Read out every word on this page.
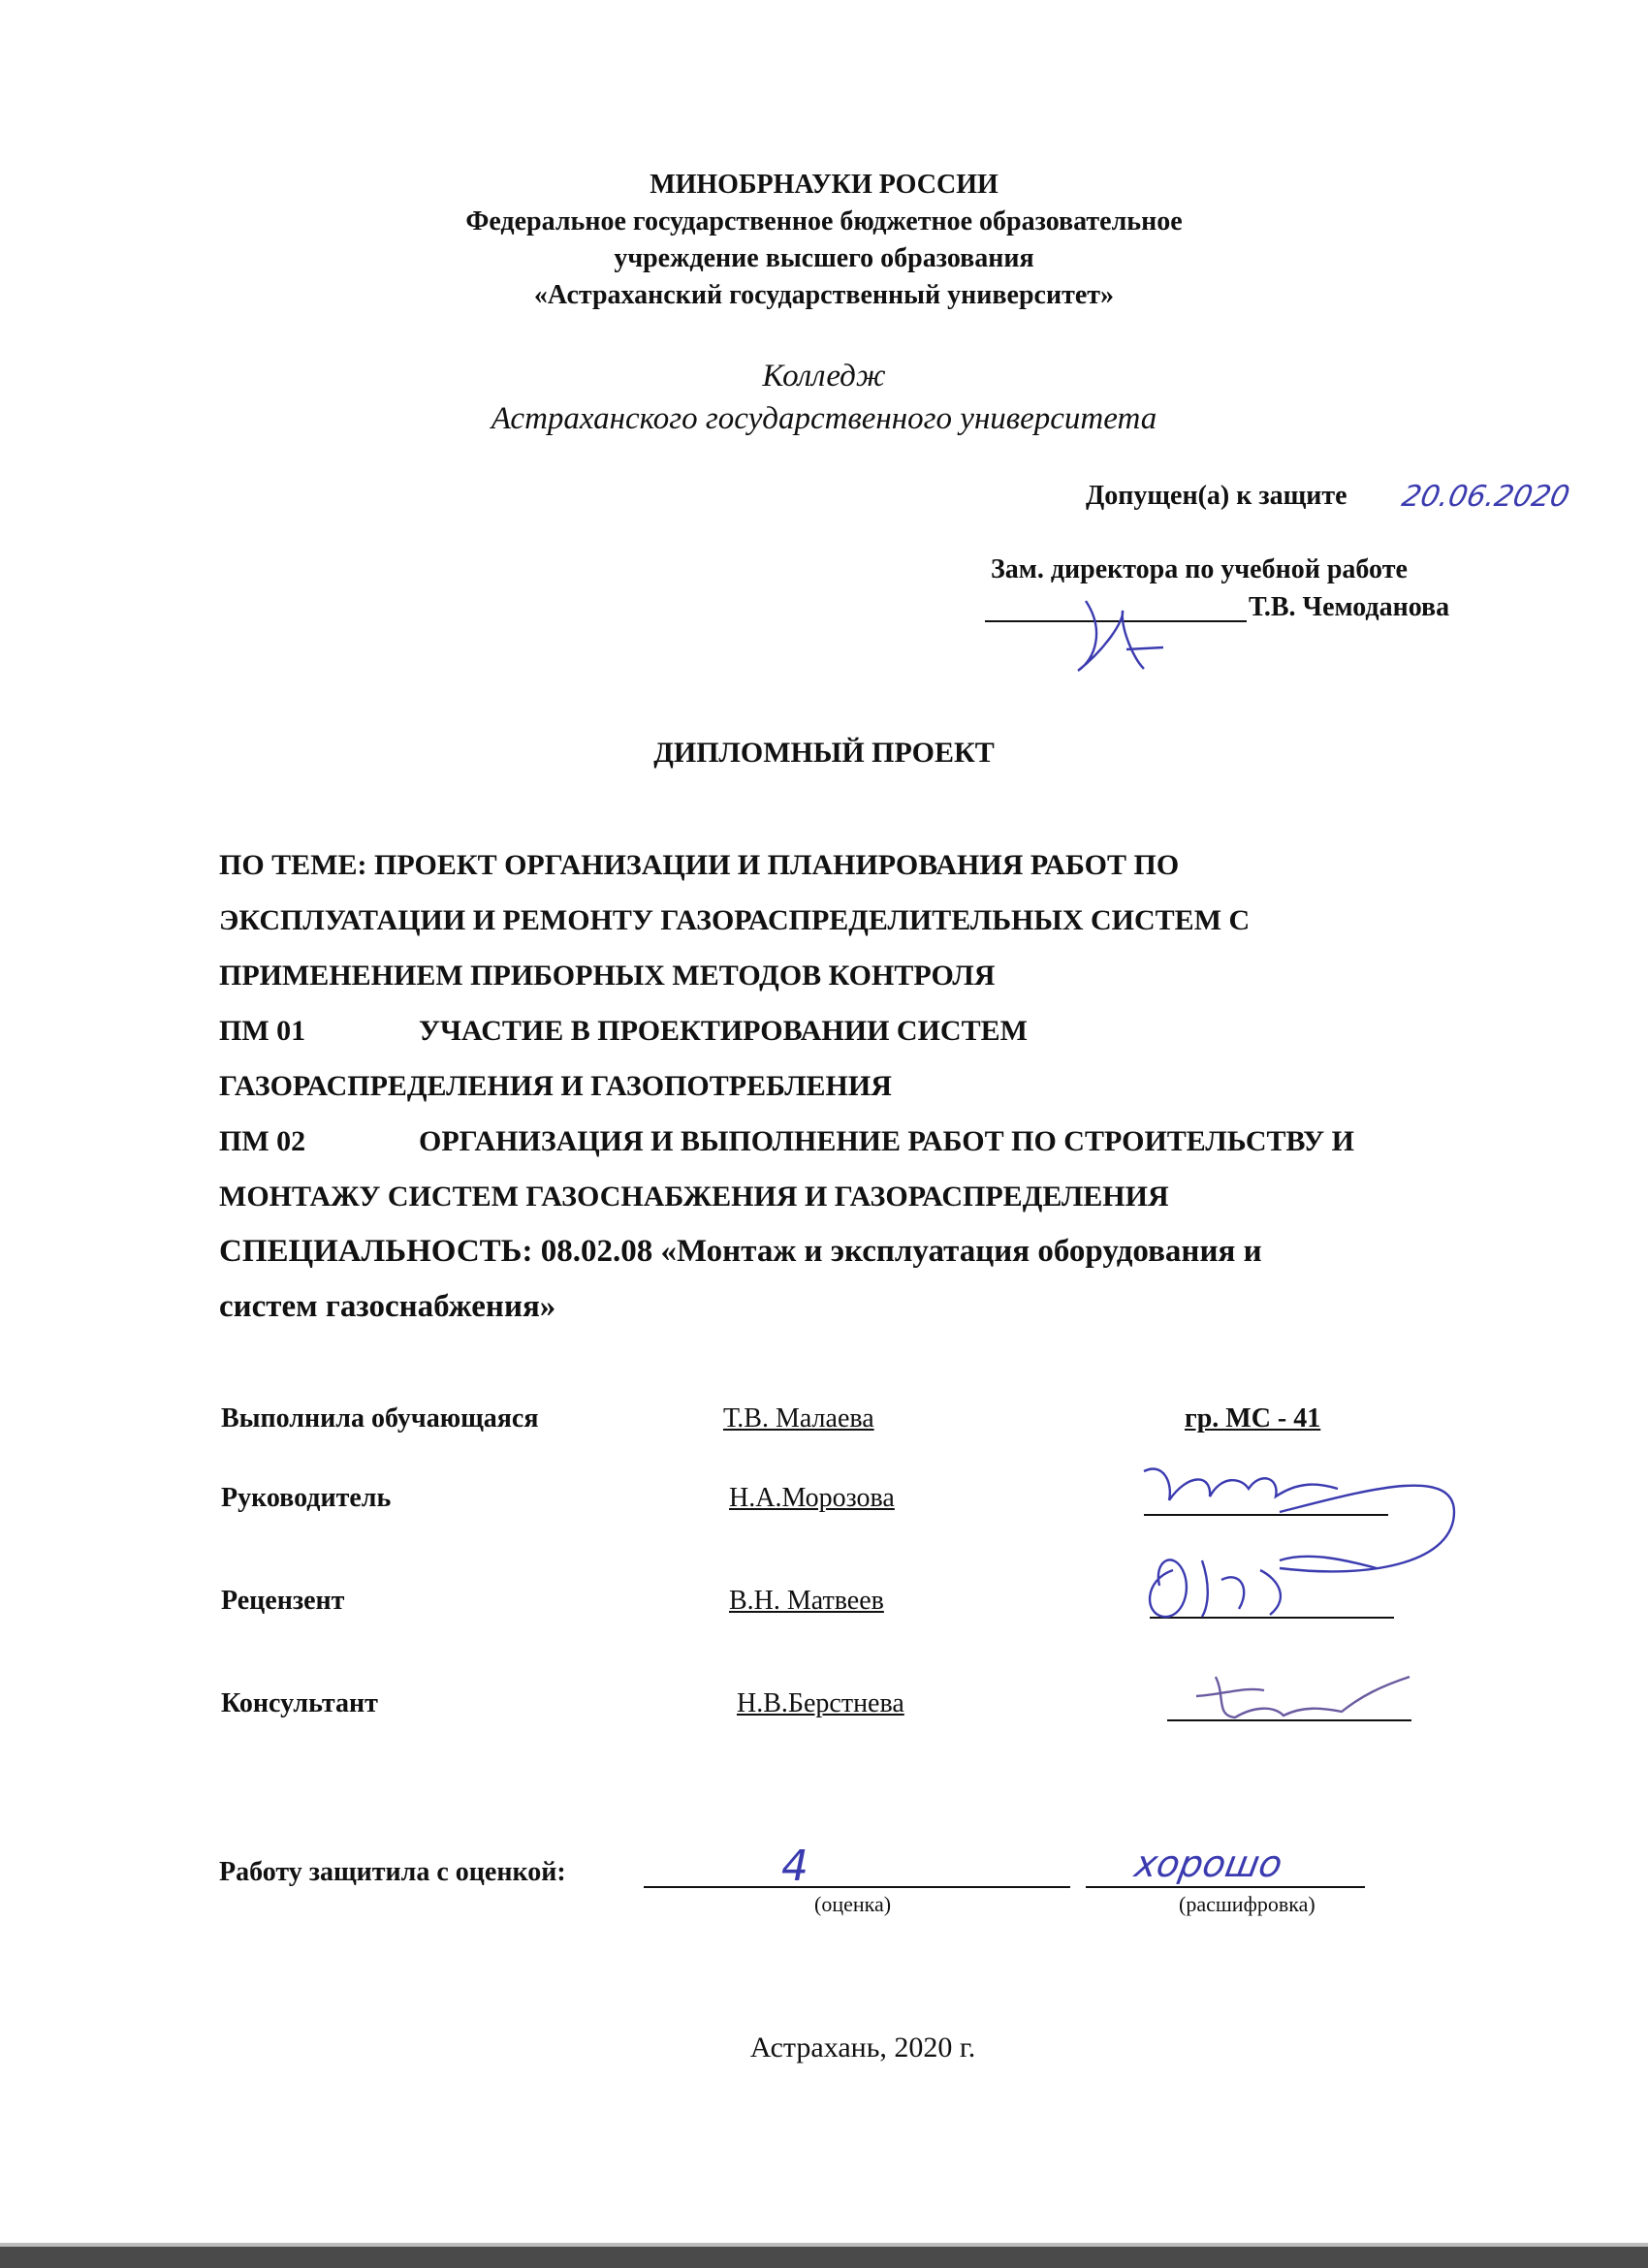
МИНОБРНАУКИ РОССИИ
Федеральное государственное бюджетное образовательное
учреждение высшего образования
«Астраханский государственный университет»
Колледж
Астраханского государственного университета
Допущен(а) к защите 20.06.2020
Зам. директора по учебной работе
Т.В. Чемоданова
ДИПЛОМНЫЙ ПРОЕКТ
ПО ТЕМЕ: ПРОЕКТ ОРГАНИЗАЦИИ И ПЛАНИРОВАНИЯ РАБОТ ПО
ЭКСПЛУАТАЦИИ И РЕМОНТУ ГАЗОРАСПРЕДЕЛИТЕЛЬНЫХ СИСТЕМ С
ПРИМЕНЕНИЕМ ПРИБОРНЫХ МЕТОДОВ КОНТРОЛЯ
ПМ 01	УЧАСТИЕ В ПРОЕКТИРОВАНИИ СИСТЕМ
ГАЗОРАСПРЕДЕЛЕНИЯ И ГАЗОПОТРЕБЛЕНИЯ
ПМ 02	ОРГАНИЗАЦИЯ И ВЫПОЛНЕНИЕ РАБОТ ПО СТРОИТЕЛЬСТВУ И
МОНТАЖУ СИСТЕМ ГАЗОСНАБЖЕНИЯ И ГАЗОРАСПРЕДЕЛЕНИЯ
СПЕЦИАЛЬНОСТЬ: 08.02.08 «Монтаж и эксплуатация оборудования и
систем газоснабжения»
Выполнила обучающаяся	Т.В. Малаева	гр. МС - 41
Руководитель	Н.А.Морозова
Рецензент	В.Н. Матвеев
Консультант	Н.В.Берстнева
Работу защитила с оценкой:	4	хорошо
(оценка)	(расшифровка)
Астрахань, 2020 г.
